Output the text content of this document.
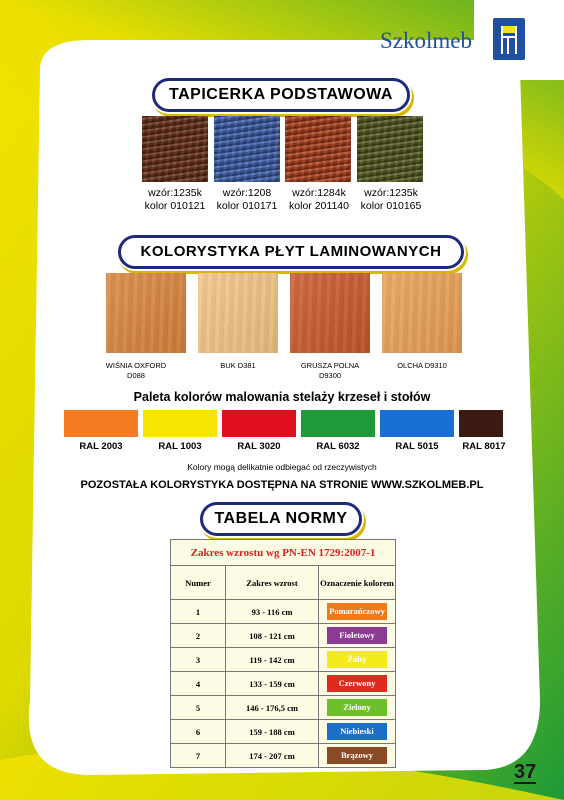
Szkolmeb
TAPICERKA PODSTAWOWA
wzór:1235k
kolor 010121
wzór:1208
kolor 010171
wzór:1284k
kolor 201140
wzór:1235k
kolor 010165
KOLORYSTYKA PŁYT LAMINOWANYCH
WIŚNIA OXFORD D088
BUK D381	GRUSZA POLNA D9300
OLCHA D9310
Paleta kolorów malowania stelaży krzeseł i stołów
RAL 2003	RAL 1003	RAL 3020	RAL 6032	RAL 5015	RAL 8017
Kolory mogą delikatnie odbiegać od rzeczywistych
POZOSTAŁA KOLORYSTYKA DOSTĘPNA NA STRONIE WWW.SZKOLMEB.PL
TABELA NORMY
Zakres wzrostu wg PN-EN 1729:2007-1		
Numer	Zakres wzrost	Oznaczenie kolorem
1	93 - 116 cm	Pomarańczowy

2	108 - 121 cm	Fioletowy

3	119 - 142 cm	Żółty

4	133 - 159 cm	Czerwony

5	146 - 176,5 cm	Zielony

6	159 - 188 cm	Niebieski

7	174 - 207 cm	Brązowy
37
